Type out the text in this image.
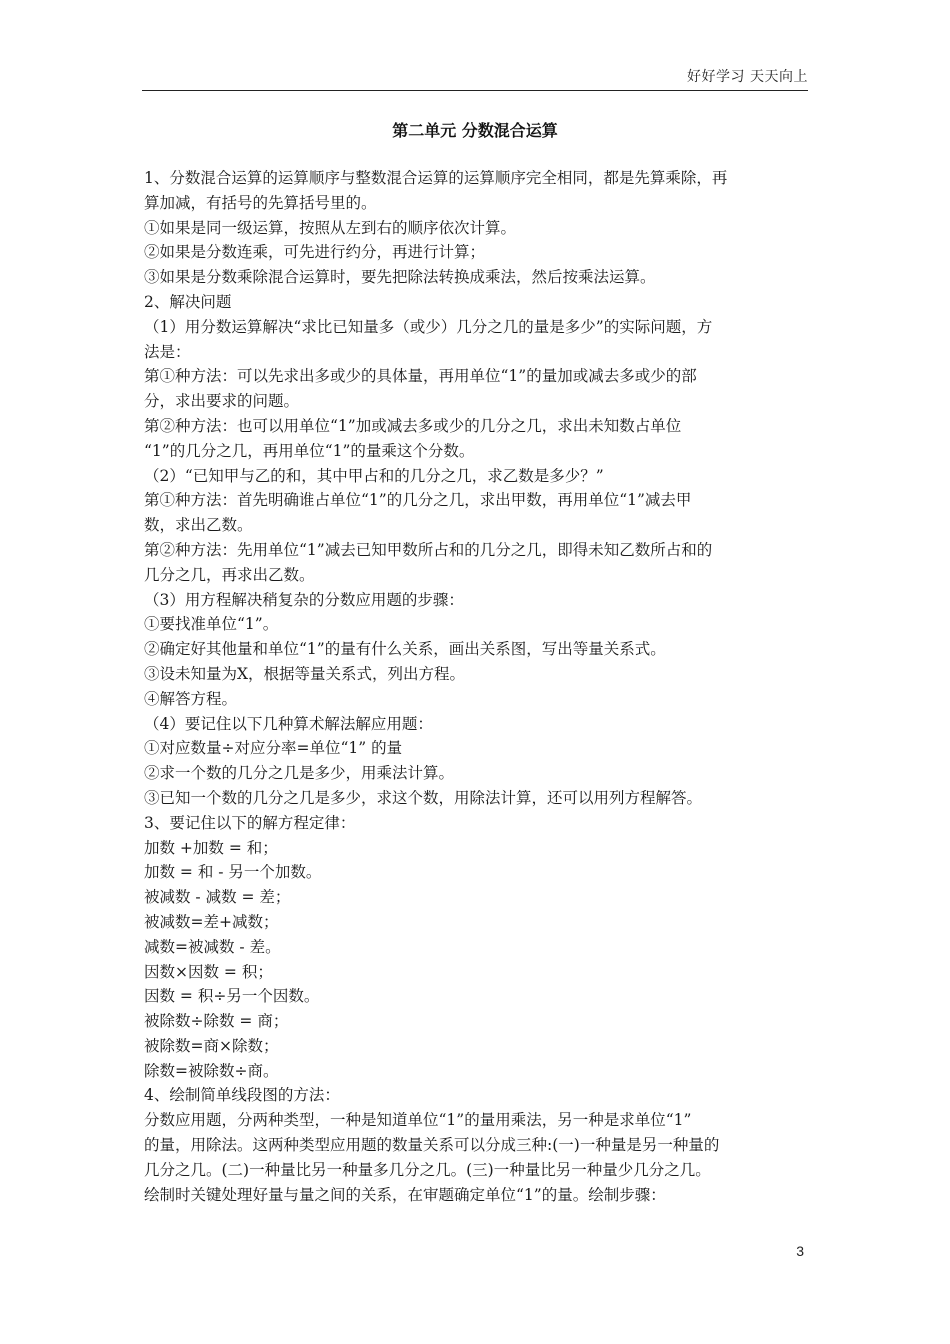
好好学习 天天向上
第二单元 分数混合运算
1、分数混合运算的运算顺序与整数混合运算的运算顺序完全相同，都是先算乘除，再
算加减，有括号的先算括号里的。
①如果是同一级运算，按照从左到右的顺序依次计算。
②如果是分数连乘，可先进行约分，再进行计算；
③如果是分数乘除混合运算时，要先把除法转换成乘法，然后按乘法运算。
2、解决问题
（1）用分数运算解决“求比已知量多（或少）几分之几的量是多少”的实际问题，方
法是：
第①种方法：可以先求出多或少的具体量，再用单位“1”的量加或减去多或少的部
分，求出要求的问题。
第②种方法：也可以用单位“1”加或减去多或少的几分之几，求出未知数占单位
“1”的几分之几，再用单位“1”的量乘这个分数。
（2）“已知甲与乙的和，其中甲占和的几分之几，求乙数是多少？”
第①种方法：首先明确谁占单位“1”的几分之几，求出甲数，再用单位“1”减去甲
数，求出乙数。
第②种方法：先用单位“1”减去已知甲数所占和的几分之几，即得未知乙数所占和的
几分之几，再求出乙数。
（3）用方程解决稍复杂的分数应用题的步骤：
①要找准单位“1”。
②确定好其他量和单位“1”的量有什么关系，画出关系图，写出等量关系式。
③设未知量为X，根据等量关系式，列出方程。
④解答方程。
（4）要记住以下几种算术解法解应用题：
①对应数量÷对应分率=单位“1” 的量
②求一个数的几分之几是多少，用乘法计算。
③已知一个数的几分之几是多少，求这个数，用除法计算，还可以用列方程解答。
3、要记住以下的解方程定律：
加数 +加数 = 和；
加数 = 和 - 另一个加数。
被减数 - 减数 = 差；
被减数=差+减数；
减数=被减数 - 差。
因数×因数 = 积；
因数 = 积÷另一个因数。
被除数÷除数 = 商；
被除数=商×除数；
除数=被除数÷商。
4、绘制简单线段图的方法：
分数应用题，分两种类型，一种是知道单位“1”的量用乘法，另一种是求单位“1”
的量，用除法。这两种类型应用题的数量关系可以分成三种:(一)一种量是另一种量的
几分之几。(二)一种量比另一种量多几分之几。(三)一种量比另一种量少几分之几。
绘制时关键处理好量与量之间的关系，在审题确定单位“1”的量。绘制步骤：
3
